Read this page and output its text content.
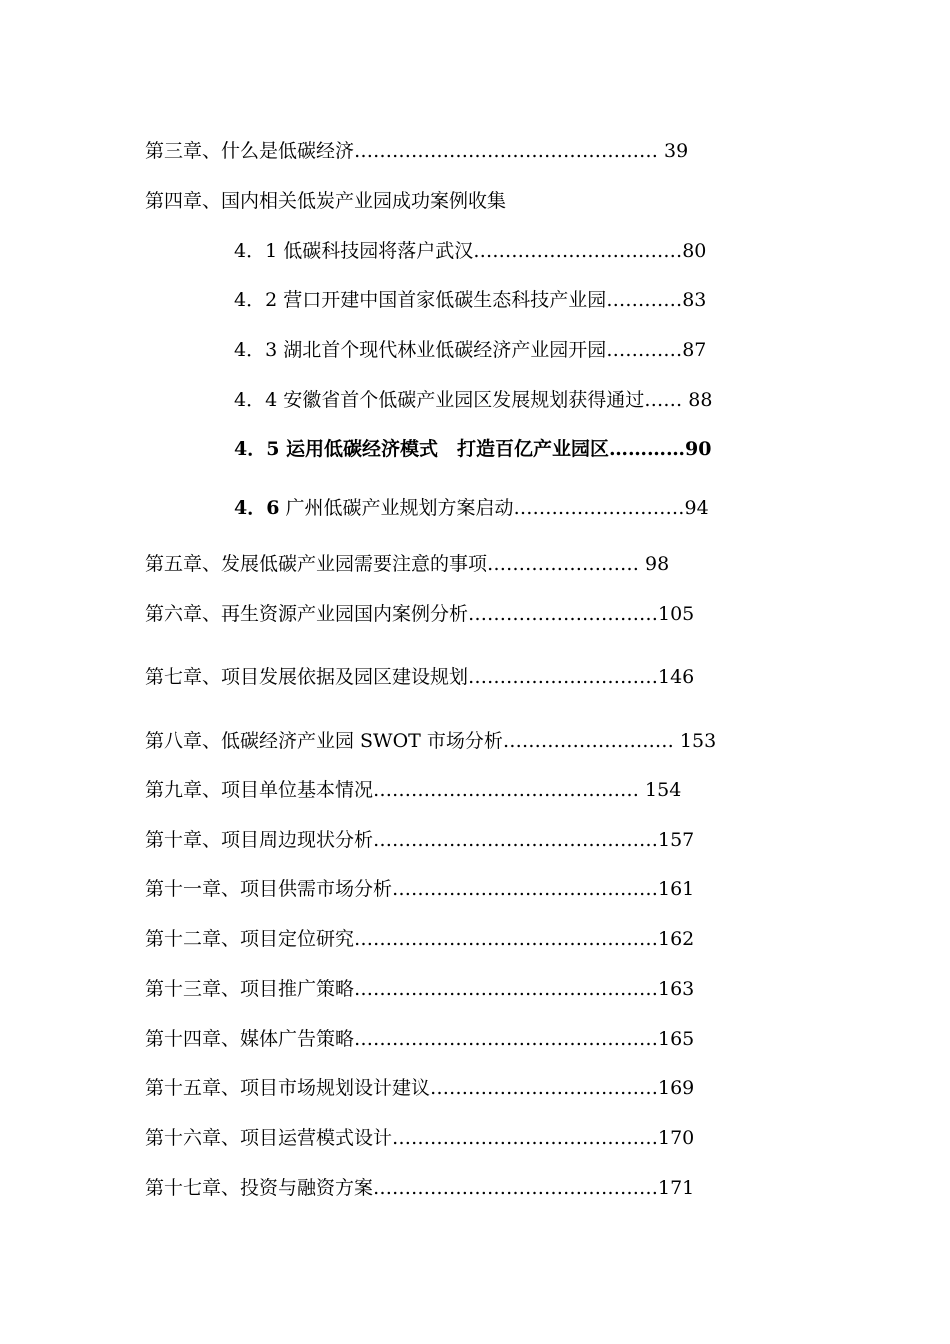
第三章、什么是低碳经济………………………………………… 39
第四章、国内相关低炭产业园成功案例收集
4．1 低碳科技园将落户武汉……………………………80
4．2 营口开建中国首家低碳生态科技产业园…………83
4．3 湖北首个现代林业低碳经济产业园开园…………87
4．4 安徽省首个低碳产业园区发展规划获得通过…… 88
4．5 运用低碳经济模式　打造百亿产业园区…………90
4．6 广州低碳产业规划方案启动………………………94
第五章、发展低碳产业园需要注意的事项…………………… 98
第六章、再生资源产业园国内案例分析…………………………105
第七章、项目发展依据及园区建设规划…………………………146
第八章、低碳经济产业园 SWOT 市场分析……………………… 153
第九章、项目单位基本情况…………………………………… 154
第十章、项目周边现状分析………………………………………157
第十一章、项目供需市场分析……………………………………161
第十二章、项目定位研究…………………………………………162
第十三章、项目推广策略…………………………………………163
第十四章、媒体广告策略…………………………………………165
第十五章、项目市场规划设计建议………………………………169
第十六章、项目运营模式设计……………………………………170
第十七章、投资与融资方案………………………………………171
